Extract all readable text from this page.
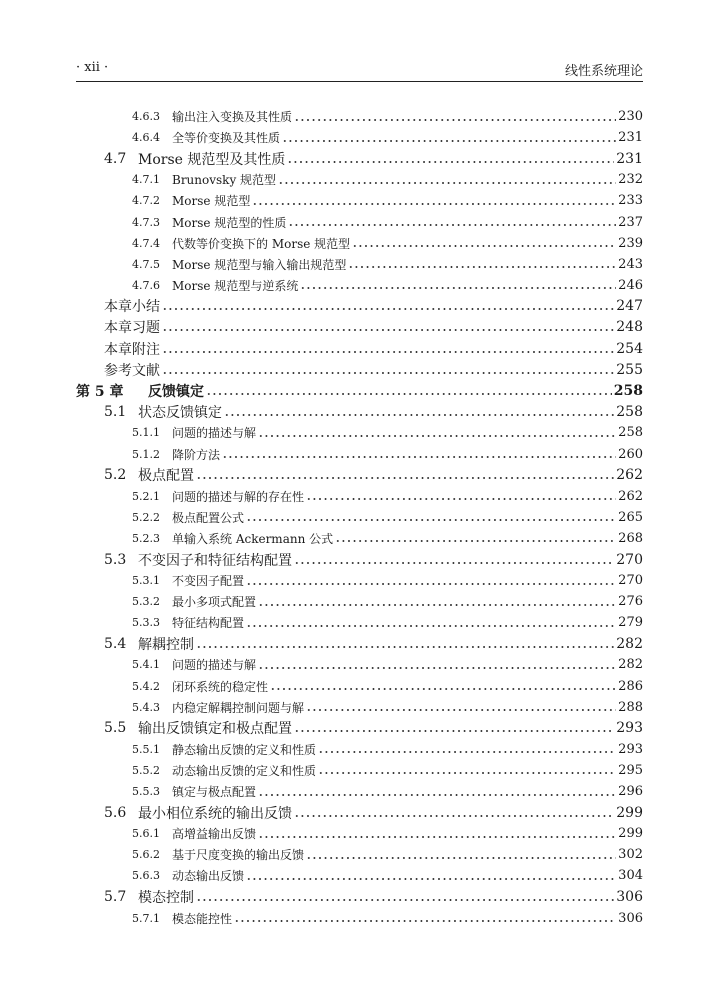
· xii ·	线性系统理论
4.6.3	输出注入变换及其性质	230
4.6.4	全等价变换及其性质	231
4.7 Morse 规范型及其性质	231
4.7.1	Brunovsky 规范型	232
4.7.2	Morse 规范型	233
4.7.3	Morse 规范型的性质	237
4.7.4	代数等价变换下的 Morse 规范型	239
4.7.5	Morse 规范型与输入输出规范型	243
4.7.6	Morse 规范型与逆系统	246
本章小结	247
本章习题	248
本章附注	254
参考文献	255
第 5 章	反馈镇定	258
5.1 状态反馈镇定	258
5.1.1	问题的描述与解	258
5.1.2	降阶方法	260
5.2 极点配置	262
5.2.1	问题的描述与解的存在性	262
5.2.2	极点配置公式	265
5.2.3	单输入系统 Ackermann 公式	268
5.3 不变因子和特征结构配置	270
5.3.1	不变因子配置	270
5.3.2	最小多项式配置	276
5.3.3	特征结构配置	279
5.4 解耦控制	282
5.4.1	问题的描述与解	282
5.4.2	闭环系统的稳定性	286
5.4.3	内稳定解耦控制问题与解	288
5.5 输出反馈镇定和极点配置	293
5.5.1	静态输出反馈的定义和性质	293
5.5.2	动态输出反馈的定义和性质	295
5.5.3	镇定与极点配置	296
5.6 最小相位系统的输出反馈	299
5.6.1	高增益输出反馈	299
5.6.2	基于尺度变换的输出反馈	302
5.6.3	动态输出反馈	304
5.7 模态控制	306
5.7.1	模态能控性	306
